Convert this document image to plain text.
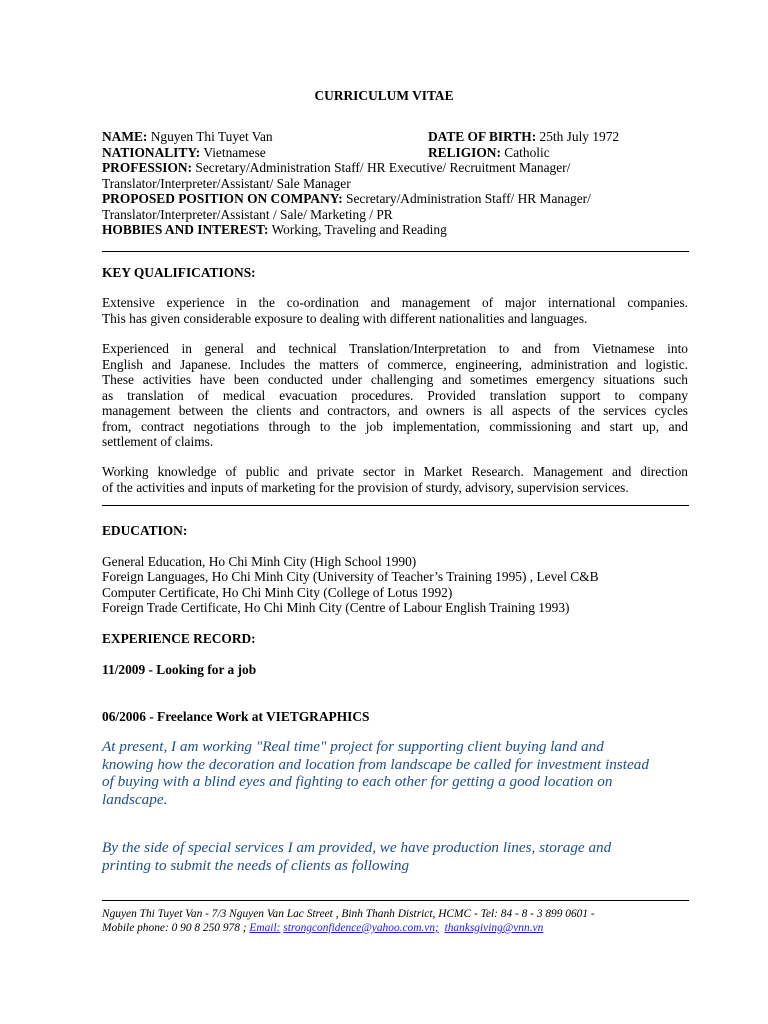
CURRICULUM VITAE
NAME: Nguyen Thi Tuyet Van	DATE OF BIRTH: 25th July 1972
NATIONALITY: Vietnamese	RELIGION: Catholic
PROFESSION: Secretary/Administration Staff/ HR Executive/ Recruitment Manager/
Translator/Interpreter/Assistant/ Sale Manager
PROPOSED POSITION ON COMPANY: Secretary/Administration Staff/ HR Manager/
Translator/Interpreter/Assistant / Sale/ Marketing / PR
HOBBIES AND INTEREST: Working, Traveling and Reading
KEY QUALIFICATIONS:
Extensive experience in the co-ordination and management of major international companies.
This has given considerable exposure to dealing with different nationalities and languages.
Experienced in general and technical Translation/Interpretation to and from Vietnamese into
English and Japanese. Includes the matters of commerce, engineering, administration and logistic.
These activities have been conducted under challenging and sometimes emergency situations such
as translation of medical evacuation procedures. Provided translation support to company
management between the clients and contractors, and owners is all aspects of the services cycles
from, contract negotiations through to the job implementation, commissioning and start up, and
settlement of claims.
Working knowledge of public and private sector in Market Research. Management and direction
of the activities and inputs of marketing for the provision of sturdy, advisory, supervision services.
EDUCATION:
General Education, Ho Chi Minh City (High School 1990)
Foreign Languages, Ho Chi Minh City (University of Teacher’s Training 1995) , Level C&B
Computer Certificate, Ho Chi Minh City (College of Lotus 1992)
Foreign Trade Certificate, Ho Chi Minh City (Centre of Labour English Training 1993)
EXPERIENCE RECORD:
11/2009 - Looking for a job
06/2006 - Freelance Work at VIETGRAPHICS
At present, I am working "Real time" project for supporting client buying land and
knowing how the decoration and location from landscape be called for investment instead
of buying with a blind eyes and fighting to each other for getting a good location on
landscape.
By the side of special services I am provided, we have production lines, storage and
printing to submit the needs of clients as following
Nguyen Thi Tuyet Van - 7/3 Nguyen Van Lac Street , Binh Thanh District, HCMC - Tel: 84 - 8 - 3 899 0601 -
Mobile phone: 0 90 8 250 978 ; Email: strongconfidence@yahoo.com.vn; thanksgiving@vnn.vn
